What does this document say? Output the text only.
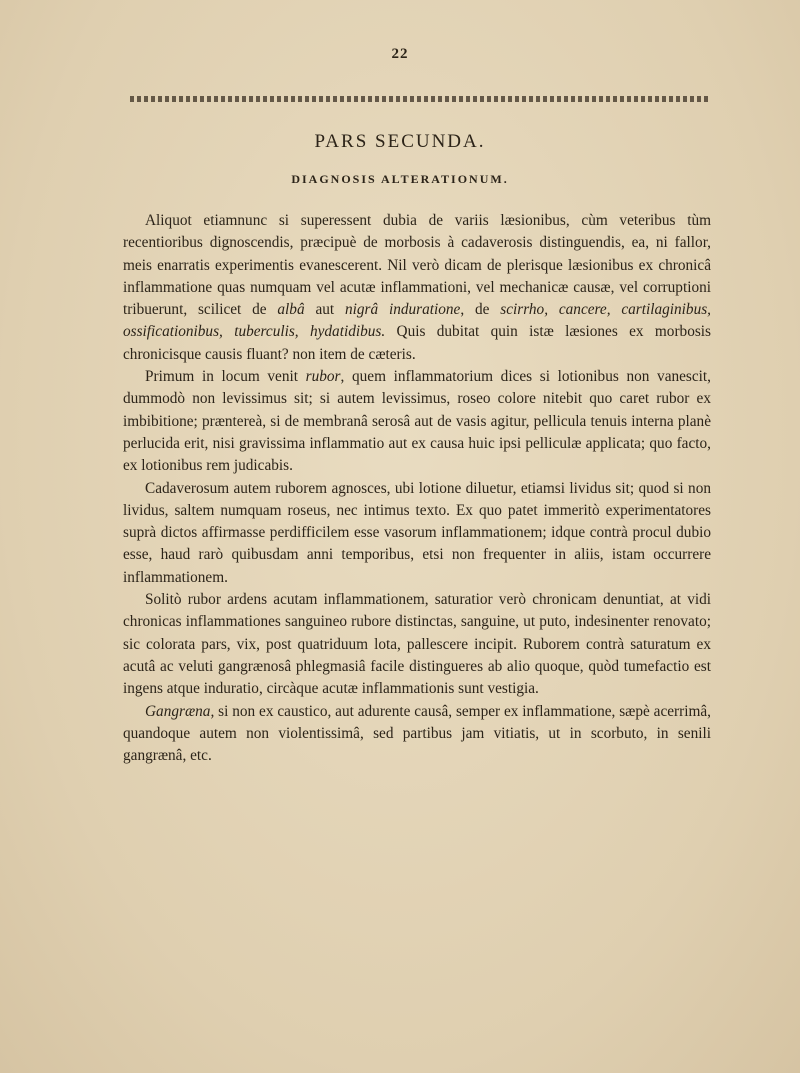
22
PARS SECUNDA.
DIAGNOSIS ALTERATIONUM.

Aliquot etiamnunc si superessent dubia de variis læsionibus, cùm veteribus tùm recentioribus dignoscendis, præcipuè de morbosis à cadaverosis distinguendis, ea, ni fallor, meis enarratis experimentis evanescerent. Nil verò dicam de plerisque læsionibus ex chronicâ inflammatione quas numquam vel acutæ inflammationi, vel mechanicæ causæ, vel corruptioni tribuerunt, scilicet de albâ aut nigrâ induratione, de scirrho, cancere, cartilaginibus, ossificationibus, tuberculis, hydatidibus. Quis dubitat quin istæ læsiones ex morbosis chronicisque causis fluant? non item de cæteris.

Primum in locum venit rubor, quem inflammatorium dices si lotionibus non vanescit, dummodò non levissimus sit; si autem levissimus, roseo colore nitebit quo caret rubor ex imbibitione; præntereà, si de membranâ serosâ aut de vasis agitur, pellicula tenuis interna planè perlucida erit, nisi gravissima inflammatio aut ex causa huic ipsi pelliculæ applicata; quo facto, ex lotionibus rem judicabis.

Cadaverosum autem ruborem agnosces, ubi lotione diluetur, etiamsi lividus sit; quod si non lividus, saltem numquam roseus, nec intimus texto. Ex quo patet immeritò experimentatores suprà dictos affirmasse perdifficilem esse vasorum inflammationem; idque contrà procul dubio esse, haud rarò quibusdam anni temporibus, etsi non frequenter in aliis, istam occurrere inflammationem.

Solitò rubor ardens acutam inflammationem, saturatior verò chronicam denuntiat, at vidi chronicas inflammationes sanguineo rubore distinctas, sanguine, ut puto, indesinenter renovato; sic colorata pars, vix, post quatriduum lota, pallescere incipit. Ruborem contrà saturatum ex acutâ ac veluti gangrænosâ phlegmasiâ facile distingueres ab alio quoque, quòd tumefactio est ingens atque induratio, circàque acutæ inflammationis sunt vestigia.

Gangræna, si non ex caustico, aut adurente causâ, semper ex inflammatione, sæpè acerrimâ, quandoque autem non violentissimâ, sed partibus jam vitiatis, ut in scorbuto, in senili gangrænâ, etc.
